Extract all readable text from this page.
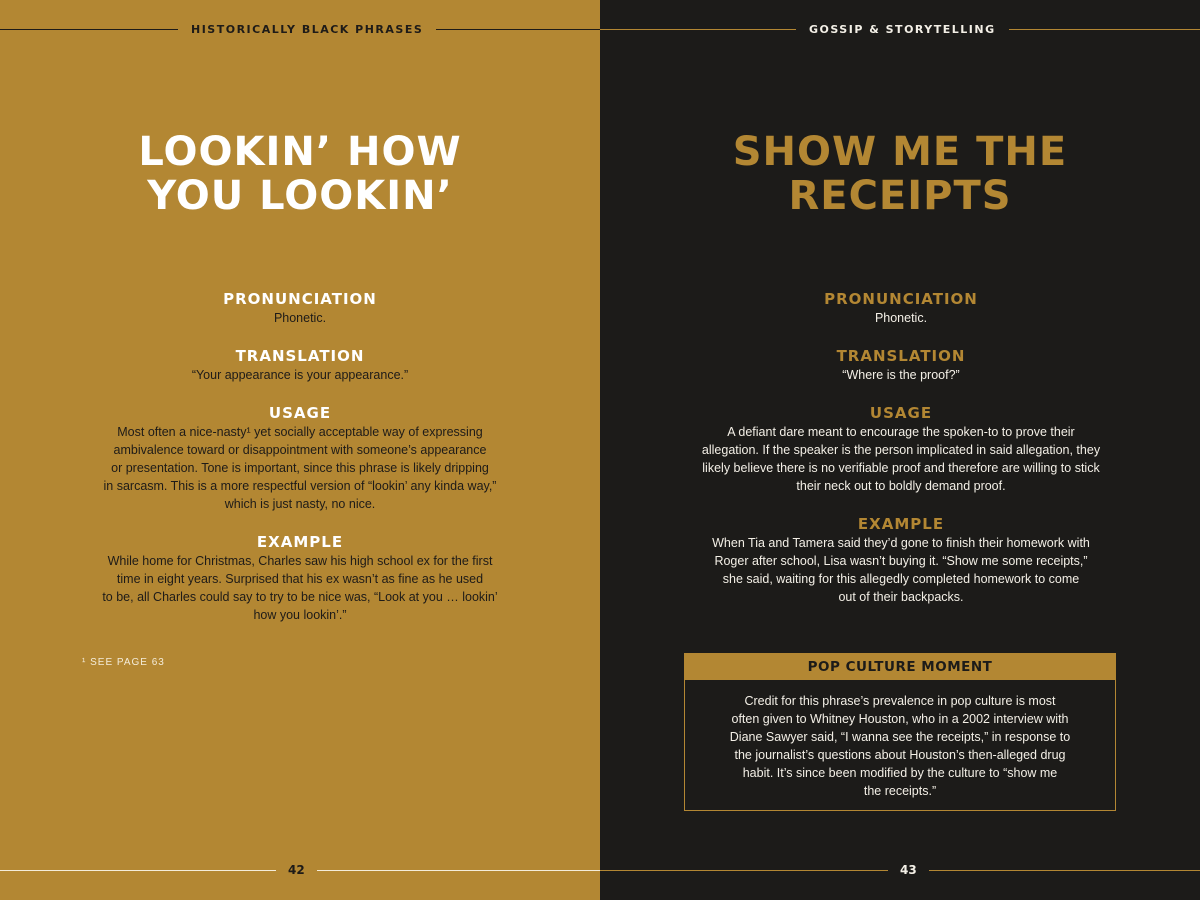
HISTORICALLY BLACK PHRASES
LOOKIN’ HOW
YOU LOOKIN’

PRONUNCIATION

Phonetic.

TRANSLATION

“Your appearance is your appearance.”

USAGE

Most often a nice-nasty¹ yet socially acceptable way of expressing
ambivalence toward or disappointment with someone’s appearance
or presentation. Tone is important, since this phrase is likely dripping
in sarcasm. This is a more respectful version of “lookin’ any kinda way,”
which is just nasty, no nice.

EXAMPLE

While home for Christmas, Charles saw his high school ex for the first
time in eight years. Surprised that his ex wasn’t as fine as he used
to be, all Charles could say to try to be nice was, “Look at you … lookin’
how you lookin’.”

¹ SEE PAGE 63
42
GOSSIP & STORYTELLING
SHOW ME THE
RECEIPTS

PRONUNCIATION

Phonetic.

TRANSLATION

“Where is the proof?”

USAGE

A defiant dare meant to encourage the spoken-to to prove their
allegation. If the speaker is the person implicated in said allegation, they
likely believe there is no verifiable proof and therefore are willing to stick
their neck out to boldly demand proof.

EXAMPLE

When Tia and Tamera said they’d gone to finish their homework with
Roger after school, Lisa wasn’t buying it. “Show me some receipts,”
she said, waiting for this allegedly completed homework to come
out of their backpacks.

POP CULTURE MOMENT

Credit for this phrase’s prevalence in pop culture is most
often given to Whitney Houston, who in a 2002 interview with
Diane Sawyer said, “I wanna see the receipts,” in response to
the journalist’s questions about Houston’s then-alleged drug
habit. It’s since been modified by the culture to “show me
the receipts.”

43
